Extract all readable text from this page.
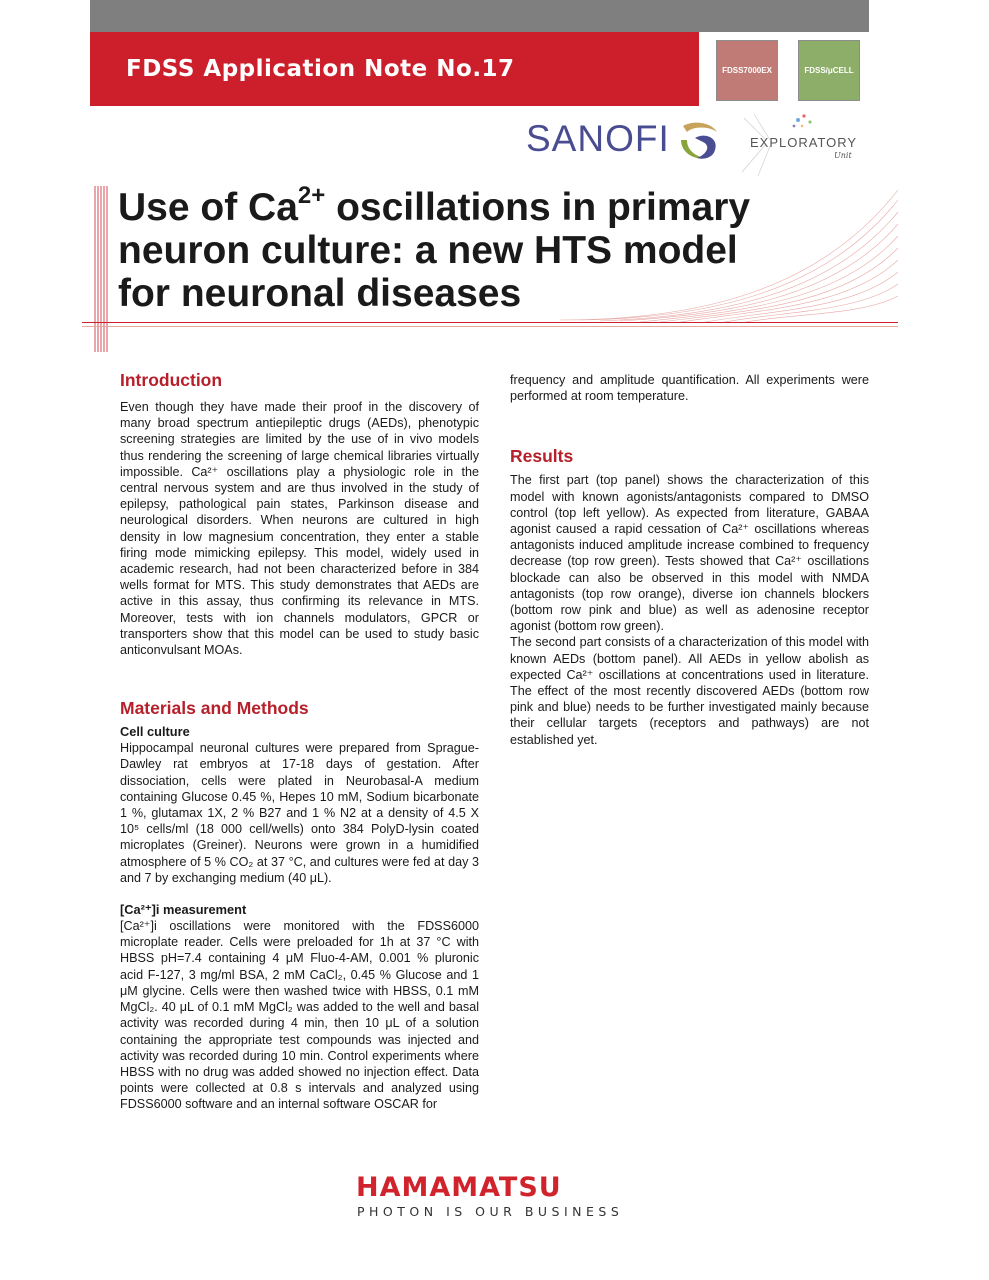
FDSS Application Note No.17	FDSS7000EX	FDSS/μCELL
SANOFI	EXPLORATORY
Unit
Use of $Ca^{2+}$ oscillations in primary
neuron culture: a new HTS model
for neuronal diseases
Introduction

Even though they have made their proof in the discovery of many broad spectrum antiepileptic drugs (AEDs), phenotypic screening strategies are limited by the use of in vivo models thus rendering the screening of large chemical libraries virtually impossible. Ca²⁺ oscillations play a physiologic role in the central nervous system and are thus involved in the study of epilepsy, pathological pain states, Parkinson disease and neurological disorders. When neurons are cultured in high density in low magnesium concentration, they enter a stable firing mode mimicking epilepsy. This model, widely used in academic research, had not been characterized before in 384 wells format for MTS. This study demonstrates that AEDs are active in this assay, thus confirming its relevance in MTS. Moreover, tests with ion channels modulators, GPCR or transporters show that this model can be used to study basic anticonvulsant MOAs.

Materials and Methods
Cell culture

Hippocampal neuronal cultures were prepared from Sprague-Dawley rat embryos at 17-18 days of gestation. After dissociation, cells were plated in Neurobasal-A medium containing Glucose 0.45 %, Hepes 10 mM, Sodium bicarbonate 1 %, glutamax 1X, 2 % B27 and 1 % N2 at a density of 4.5 X 10⁵ cells/ml (18 000 cell/wells) onto 384 PolyD-lysin coated microplates (Greiner). Neurons were grown in a humidified atmosphere of 5 % CO₂ at 37 °C, and cultures were fed at day 3 and 7 by exchanging medium (40 μL).

[Ca²⁺]i measurement

[Ca²⁺]i oscillations were monitored with the FDSS6000 microplate reader. Cells were preloaded for 1h at 37 °C with HBSS pH=7.4 containing 4 μM Fluo-4-AM, 0.001 % pluronic acid F-127, 3 mg/ml BSA, 2 mM CaCl₂, 0.45 % Glucose and 1 μM glycine. Cells were then washed twice with HBSS, 0.1 mM MgCl₂. 40 μL of 0.1 mM MgCl₂ was added to the well and basal activity was recorded during 4 min, then 10 μL of a solution containing the appropriate test compounds was injected and activity was recorded during 10 min. Control experiments where HBSS with no drug was added showed no injection effect. Data points were collected at 0.8 s intervals and analyzed using FDSS6000 software and an internal software OSCAR for

frequency and amplitude quantification. All experiments were performed at room temperature.

Results

The first part (top panel) shows the characterization of this model with known agonists/antagonists compared to DMSO control (top left yellow). As expected from literature, GABAA agonist caused a rapid cessation of Ca²⁺ oscillations whereas antagonists induced amplitude increase combined to frequency decrease (top row green). Tests showed that Ca²⁺ oscillations blockade can also be observed in this model with NMDA antagonists (top row orange), diverse ion channels blockers (bottom row pink and blue) as well as adenosine receptor agonist (bottom row green).

The second part consists of a characterization of this model with known AEDs (bottom panel). All AEDs in yellow abolish as expected Ca²⁺ oscillations at concentrations used in literature. The effect of the most recently discovered AEDs (bottom row pink and blue) needs to be further investigated mainly because their cellular targets (receptors and pathways) are not established yet.

HAMAMATSU
PHOTON IS OUR BUSINESS
